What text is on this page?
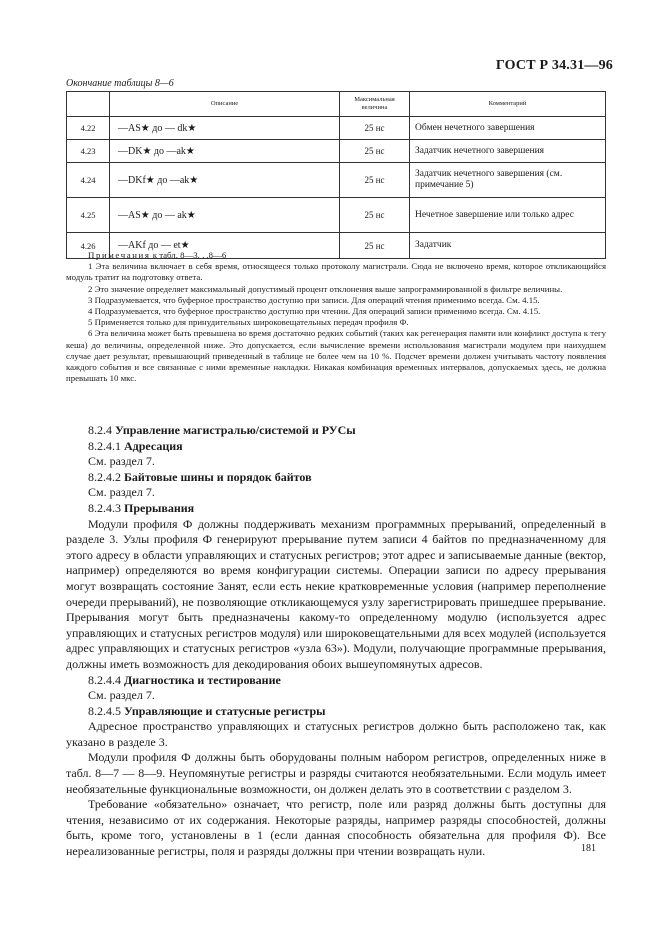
ГОСТ Р 34.31—96
Окончание таблицы 8—6
	Описание	Максимальная величина	Комментарий
4.22	—AS★ до — dk★	25 нс	Обмен нечетного завершения
4.23	—DK★ до —ak★	25 нс	Задатчик нечетного завершения
4.24	—DKf★ до —ak★	25 нс	Задатчик нечетного завершения (см. примечание 5)
4.25	—AS★ до — ak★	25 нс	Нечетное завершение или только адрес
4.26	—AKf до — et★	25 нс	Задатчик

Примечания к табл. 8—3. . .8—6

1 Эта величина включает в себя время, относящееся только протоколу магистрали. Сюда не включено время, которое откликающийся модуль тратит на подготовку ответа.

2 Это значение определяет максимальный допустимый процент отклонения выше запрограммированной в фильтре величины.

3 Подразумевается, что буферное пространство доступно при записи. Для операций чтения применимо всегда. См. 4.15.

4 Подразумевается, что буферное пространство доступно при чтении. Для операций записи применимо всегда. См. 4.15.

5 Применяется только для принудительных широковещательных передач профиля Ф.

6 Эта величина может быть превышена во время достаточно редких событий (таких как регенерация памяти или конфликт доступа к тегу кеша) до величины, определенной ниже. Это допускается, если вычисление времени использования магистрали модулем при наихудшем случае дает результат, превышающий приведенный в таблице не более чем на 10 %. Подсчет времени должен учитывать частоту появления каждого события и все связанные с ними временные накладки. Никакая комбинация временных интервалов, допускаемых здесь, не должна превышать 10 мкс.

8.2.4 Управление магистралью/системой и РУСы

8.2.4.1 Адресация

См. раздел 7.

8.2.4.2 Байтовые шины и порядок байтов

См. раздел 7.

8.2.4.3 Прерывания

Модули профиля Ф должны поддерживать механизм программных прерываний, определенный в разделе 3. Узлы профиля Ф генерируют прерывание путем записи 4 байтов по предназначенному для этого адресу в области управляющих и статусных регистров; этот адрес и записываемые данные (вектор, например) определяются во время конфигурации системы. Операции записи по адресу прерывания могут возвращать состояние Занят, если есть некие кратковременные условия (например переполнение очереди прерываний), не позволяющие откликающемуся узлу зарегистрировать пришедшее прерывание. Прерывания могут быть предназначены какому-то определенному модулю (используется адрес управляющих и статусных регистров модуля) или широковещательными для всех модулей (используется адрес управляющих и статусных регистров «узла 63»). Модули, получающие программные прерывания, должны иметь возможность для декодирования обоих вышеупомянутых адресов.

8.2.4.4 Диагностика и тестирование

См. раздел 7.

8.2.4.5 Управляющие и статусные регистры

Адресное пространство управляющих и статусных регистров должно быть расположено так, как указано в разделе 3.

Модули профиля Ф должны быть оборудованы полным набором регистров, определенных ниже в табл. 8—7 — 8—9. Неупомянутые регистры и разряды считаются необязательными. Если модуль имеет необязательные функциональные возможности, он должен делать это в соответствии с разделом 3.

Требование «обязательно» означает, что регистр, поле или разряд должны быть доступны для чтения, независимо от их содержания. Некоторые разряды, например разряды способностей, должны быть, кроме того, установлены в 1 (если данная способность обязательна для профиля Ф). Все нереализованные регистры, поля и разряды должны при чтении возвращать нули.	181
